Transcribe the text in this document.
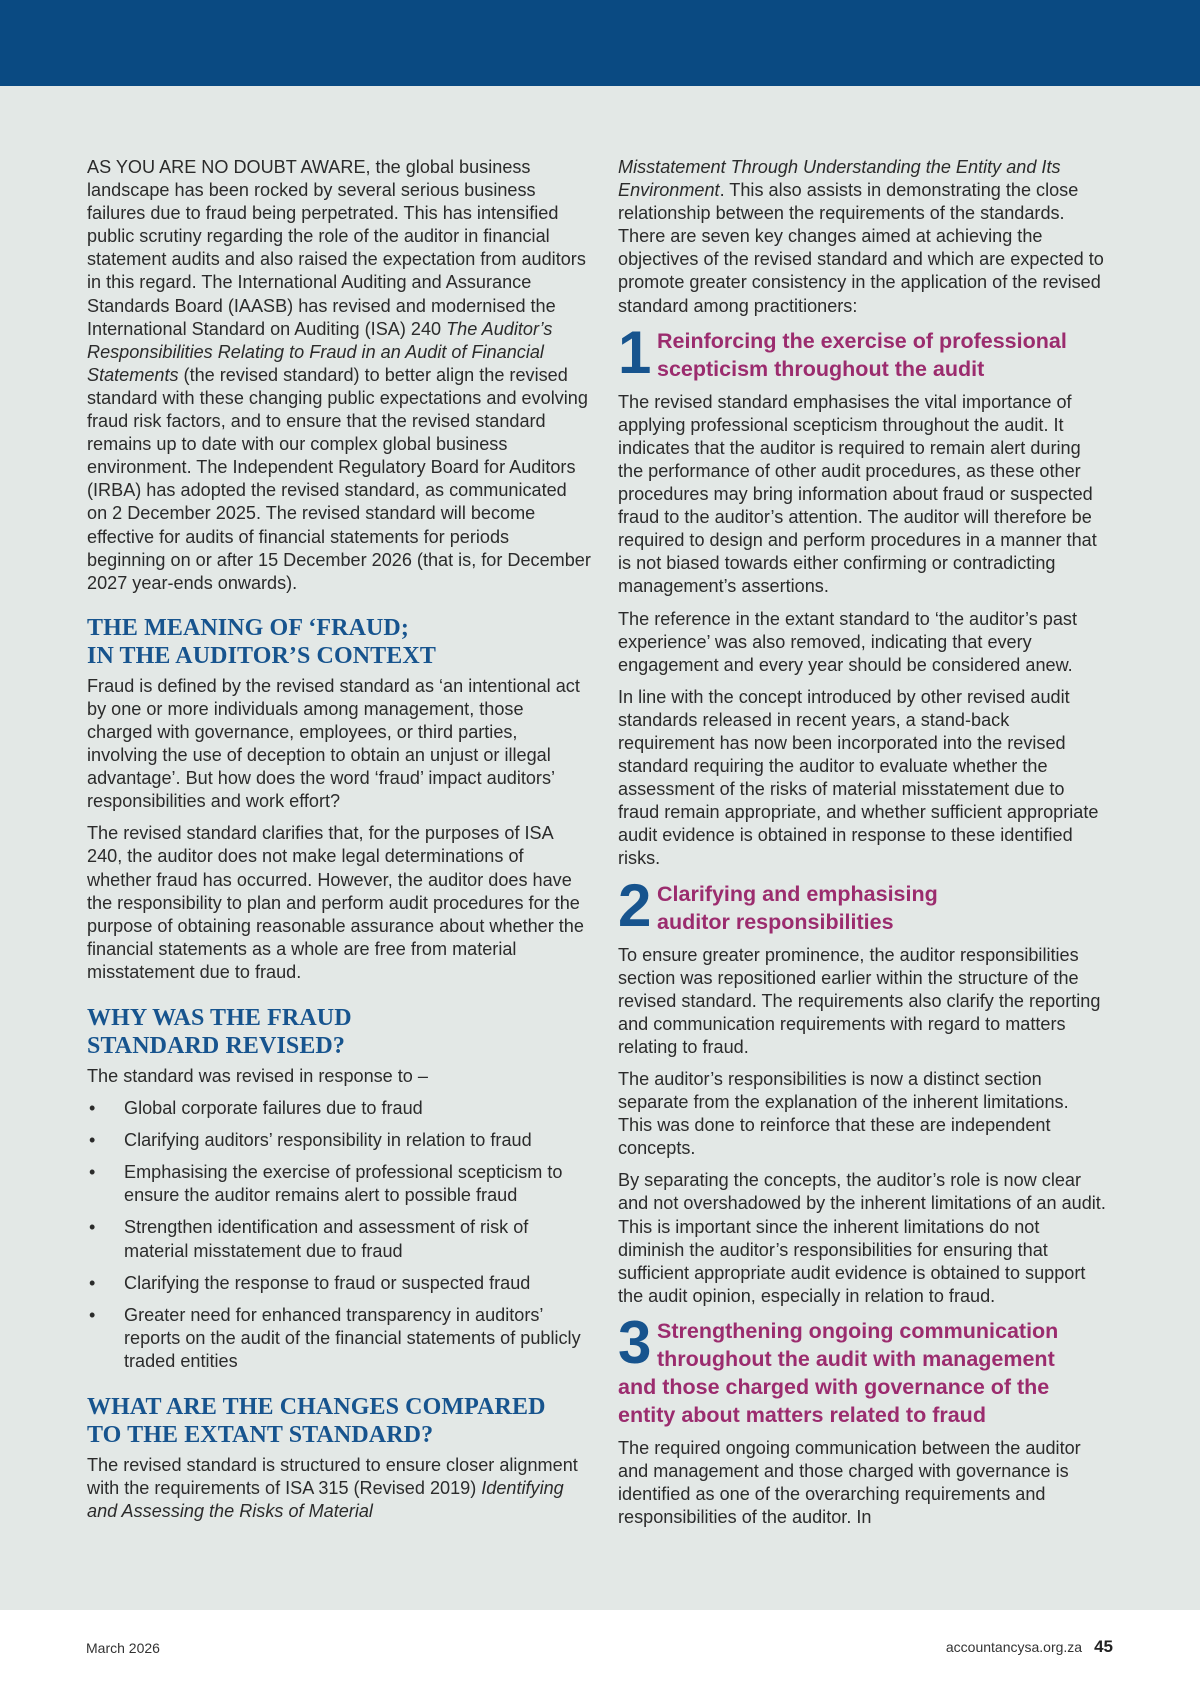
AS YOU ARE NO DOUBT AWARE, the global business landscape has been rocked by several serious business failures due to fraud being perpetrated. This has intensified public scrutiny regarding the role of the auditor in financial statement audits and also raised the expectation from auditors in this regard. The International Auditing and Assurance Standards Board (IAASB) has revised and modernised the International Standard on Auditing (ISA) 240 The Auditor’s Responsibilities Relating to Fraud in an Audit of Financial Statements (the revised standard) to better align the revised standard with these changing public expectations and evolving fraud risk factors, and to ensure that the revised standard remains up to date with our complex global business environment. The Independent Regulatory Board for Auditors (IRBA) has adopted the revised standard, as communicated on 2 December 2025. The revised standard will become effective for audits of financial statements for periods beginning on or after 15 December 2026 (that is, for December 2027 year-ends onwards).

THE MEANING OF ‘FRAUD;
IN THE AUDITOR’S CONTEXT

Fraud is defined by the revised standard as ‘an intentional act by one or more individuals among management, those charged with governance, employees, or third parties, involving the use of deception to obtain an unjust or illegal advantage’. But how does the word ‘fraud’ impact auditors’ responsibilities and work effort?

The revised standard clarifies that, for the purposes of ISA 240, the auditor does not make legal determinations of whether fraud has occurred. However, the auditor does have the responsibility to plan and perform audit procedures for the purpose of obtaining reasonable assurance about whether the financial statements as a whole are free from material misstatement due to fraud.

WHY WAS THE FRAUD
STANDARD REVISED?

The standard was revised in response to –

• Global corporate failures due to fraud
• Clarifying auditors’ responsibility in relation to fraud
• Emphasising the exercise of professional scepticism to ensure the auditor remains alert to possible fraud
• Strengthen identification and assessment of risk of material misstatement due to fraud
• Clarifying the response to fraud or suspected fraud
• Greater need for enhanced transparency in auditors’ reports on the audit of the financial statements of publicly traded entities
WHAT ARE THE CHANGES COMPARED
TO THE EXTANT STANDARD?

The revised standard is structured to ensure closer alignment with the requirements of ISA 315 (Revised 2019) Identifying and Assessing the Risks of Material

Misstatement Through Understanding the Entity and Its Environment. This also assists in demonstrating the close relationship between the requirements of the standards. There are seven key changes aimed at achieving the objectives of the revised standard and which are expected to promote greater consistency in the application of the revised standard among practitioners:

1 Reinforcing the exercise of professional
scepticism throughout the audit

The revised standard emphasises the vital importance of applying professional scepticism throughout the audit. It indicates that the auditor is required to remain alert during the performance of other audit procedures, as these other procedures may bring information about fraud or suspected fraud to the auditor’s attention. The auditor will therefore be required to design and perform procedures in a manner that is not biased towards either confirming or contradicting management’s assertions.

The reference in the extant standard to ‘the auditor’s past experience’ was also removed, indicating that every engagement and every year should be considered anew.

In line with the concept introduced by other revised audit standards released in recent years, a stand-back requirement has now been incorporated into the revised standard requiring the auditor to evaluate whether the assessment of the risks of material misstatement due to fraud remain appropriate, and whether sufficient appropriate audit evidence is obtained in response to these identified risks.

2 Clarifying and emphasising
auditor responsibilities

To ensure greater prominence, the auditor responsibilities section was repositioned earlier within the structure of the revised standard. The requirements also clarify the reporting and communication requirements with regard to matters relating to fraud.

The auditor’s responsibilities is now a distinct section separate from the explanation of the inherent limitations. This was done to reinforce that these are independent concepts.

By separating the concepts, the auditor’s role is now clear and not overshadowed by the inherent limitations of an audit. This is important since the inherent limitations do not diminish the auditor’s responsibilities for ensuring that sufficient appropriate audit evidence is obtained to support the audit opinion, especially in relation to fraud.

3 Strengthening ongoing communication
throughout the audit with management
and those charged with governance of the
entity about matters related to fraud

The required ongoing communication between the auditor and management and those charged with governance is identified as one of the overarching requirements and responsibilities of the auditor. In

March 2026	accountancysa.org.za 45
